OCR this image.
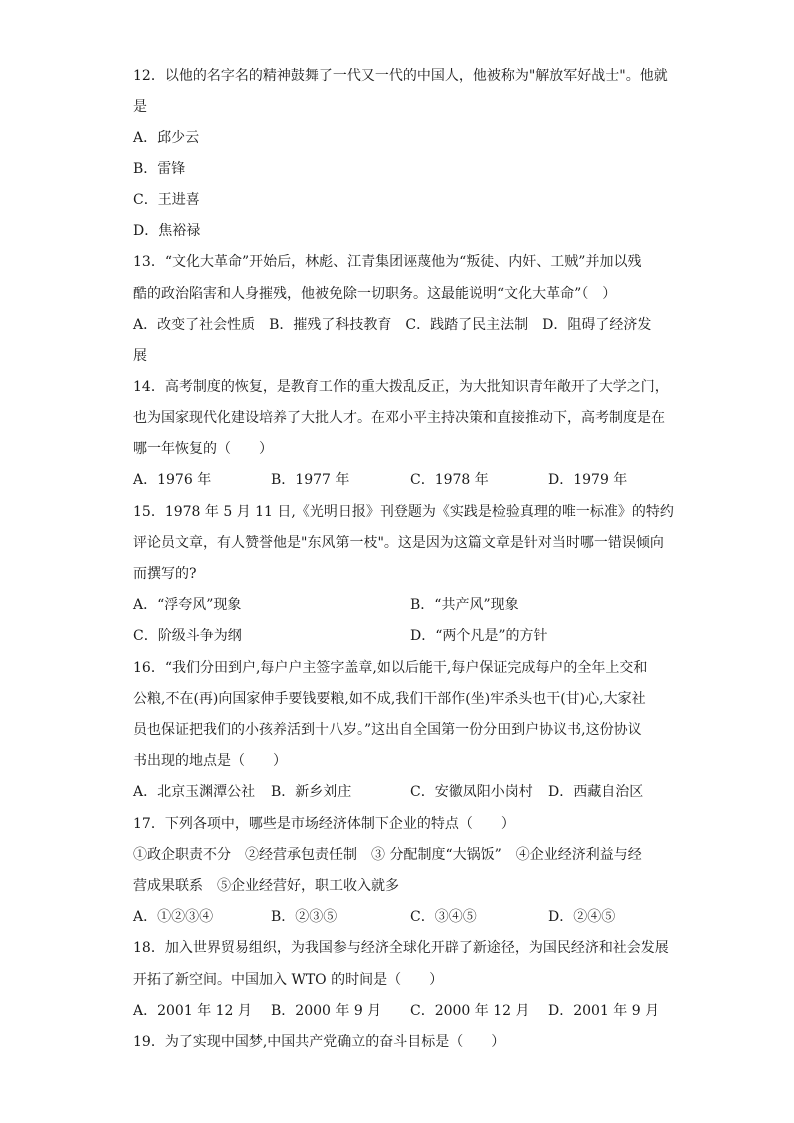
12．以他的名字名的精神鼓舞了一代又一代的中国人，他被称为"解放军好战士"。他就
是
A．邱少云
B．雷锋
C．王进喜
D．焦裕禄
13．“文化大革命”开始后，林彪、江青集团诬蔑他为“叛徒、内奸、工贼”并加以残
酷的政治陷害和人身摧残，他被免除一切职务。这最能说明“文化大革命”（　）
A．改变了社会性质　B．摧残了科技教育　C．践踏了民主法制　D．阻碍了经济发
展
14．高考制度的恢复，是教育工作的重大拨乱反正，为大批知识青年敞开了大学之门，
也为国家现代化建设培养了大批人才。在邓小平主持决策和直接推动下，高考制度是在
哪一年恢复的（　　）
A．1976 年	B．1977 年	C．1978 年	D．1979 年
15．1978 年 5 月 11 日,《光明日报》刊登题为《实践是检验真理的唯一标准》的特约
评论员文章，有人赞誉他是"东风第一枝"。这是因为这篇文章是针对当时哪一错误倾向
而撰写的?
A．“浮夸风”现象	B．“共产风”现象
C．阶级斗争为纲	D．“两个凡是”的方针
16．“我们分田到户,每户户主签字盖章,如以后能干,每户保证完成每户的全年上交和
公粮,不在(再)向国家伸手要钱要粮,如不成,我们干部作(坐)牢杀头也干(甘)心,大家社
员也保证把我们的小孩养活到十八岁。”这出自全国第一份分田到户协议书,这份协议
书出现的地点是（　　）
A．北京玉渊潭公社 B．新乡刘庄	C．安徽凤阳小岗村 D．西藏自治区
17．下列各项中，哪些是市场经济体制下企业的特点（　　）
①政企职责不分　②经营承包责任制　③ 分配制度“大锅饭”　④企业经济利益与经
营成果联系　⑤企业经营好，职工收入就多
A．①②③④	B．②③⑤	C．③④⑤	D．②④⑤
18．加入世界贸易组织，为我国参与经济全球化开辟了新途径，为国民经济和社会发展
开拓了新空间。中国加入 WTO 的时间是（　　）
A．2001 年 12 月 B．2000 年 9 月 C．2000 年 12 月 D．2001 年 9 月
19．为了实现中国梦,中国共产党确立的奋斗目标是（　　）
